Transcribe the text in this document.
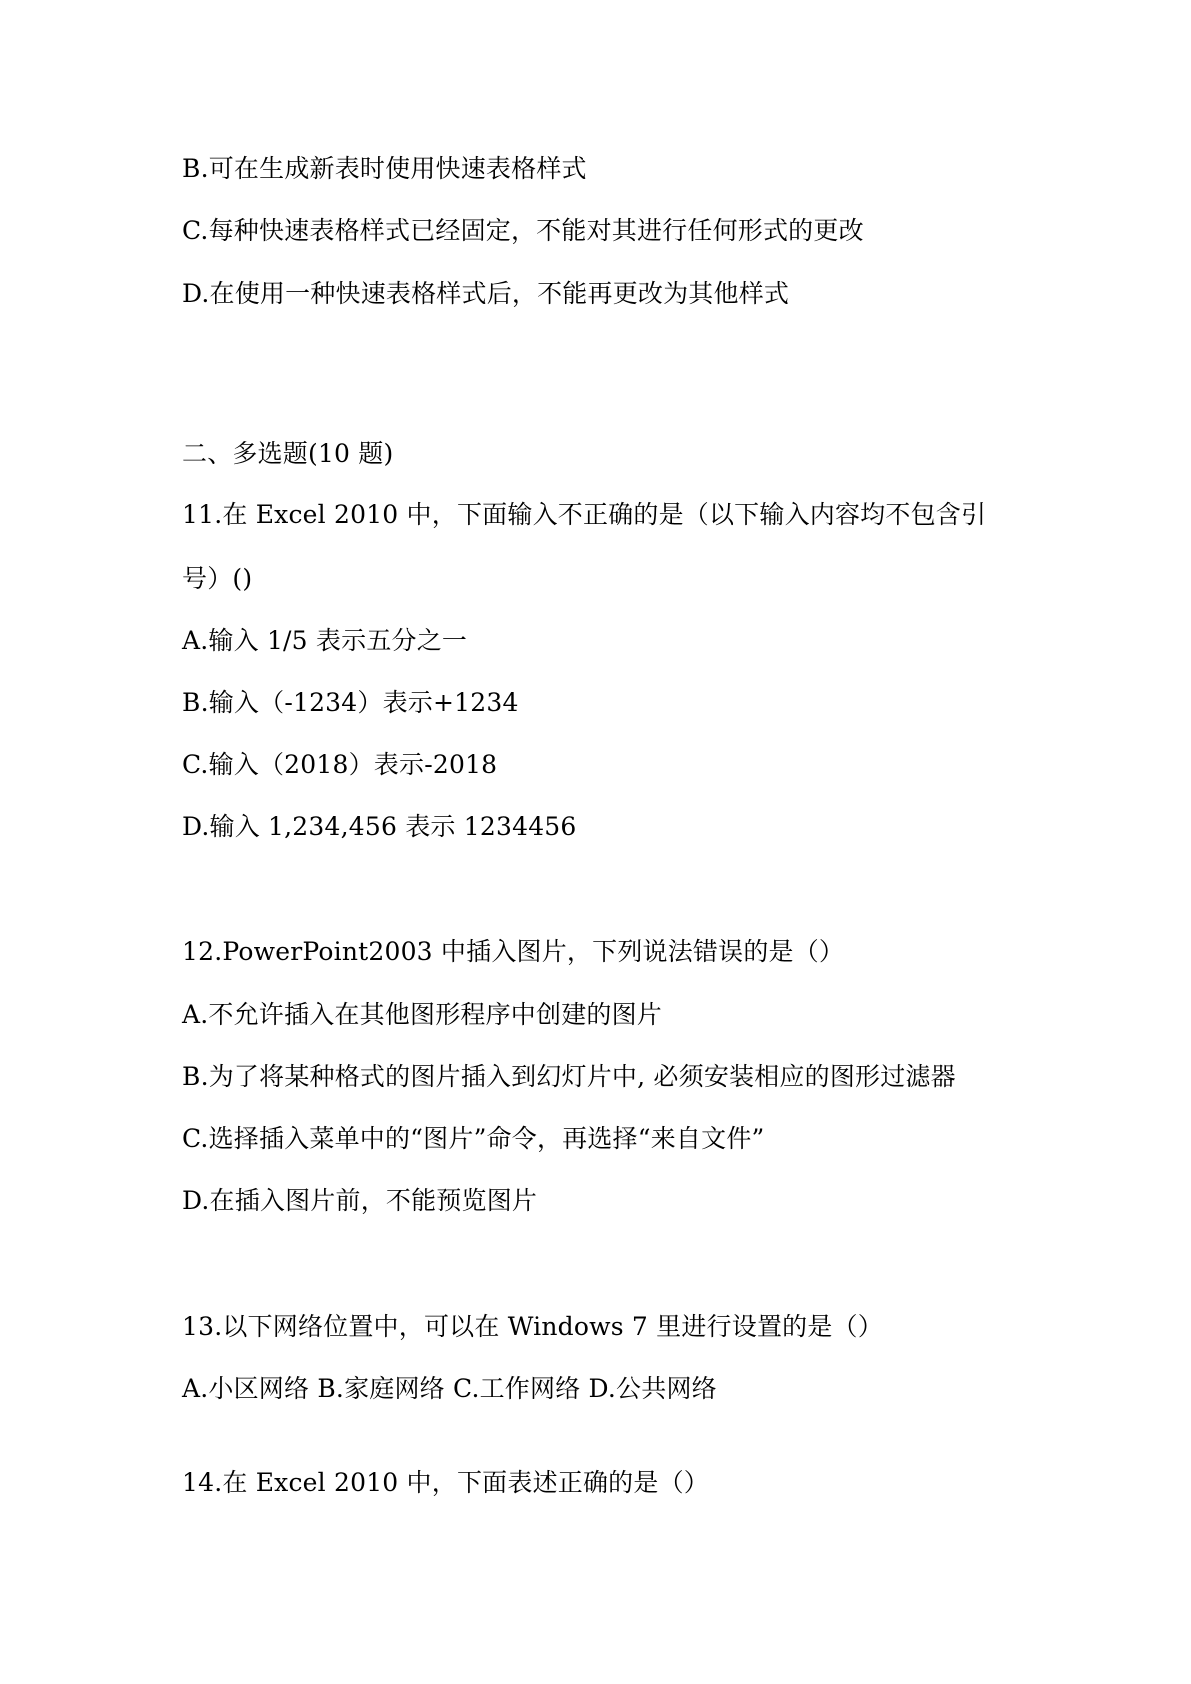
B.可在生成新表时使用快速表格样式
C.每种快速表格样式已经固定，不能对其进行任何形式的更改
D.在使用一种快速表格样式后，不能再更改为其他样式
二、多选题(10 题)
11.在 Excel 2010 中，下面输入不正确的是（以下输入内容均不包含引
号）()
A.输入 1/5 表示五分之一
B.输入（-1234）表示+1234
C.输入（2018）表示-2018
D.输入 1,234,456 表示 1234456
12.PowerPoint2003 中插入图片，下列说法错误的是（）
A.不允许插入在其他图形程序中创建的图片
B.为了将某种格式的图片插入到幻灯片中, 必须安装相应的图形过滤器
C.选择插入菜单中的“图片”命令，再选择“来自文件”
D.在插入图片前，不能预览图片
13.以下网络位置中，可以在 Windows 7 里进行设置的是（）
A.小区网络 B.家庭网络 C.工作网络 D.公共网络
14.在 Excel 2010 中，下面表述正确的是（）
